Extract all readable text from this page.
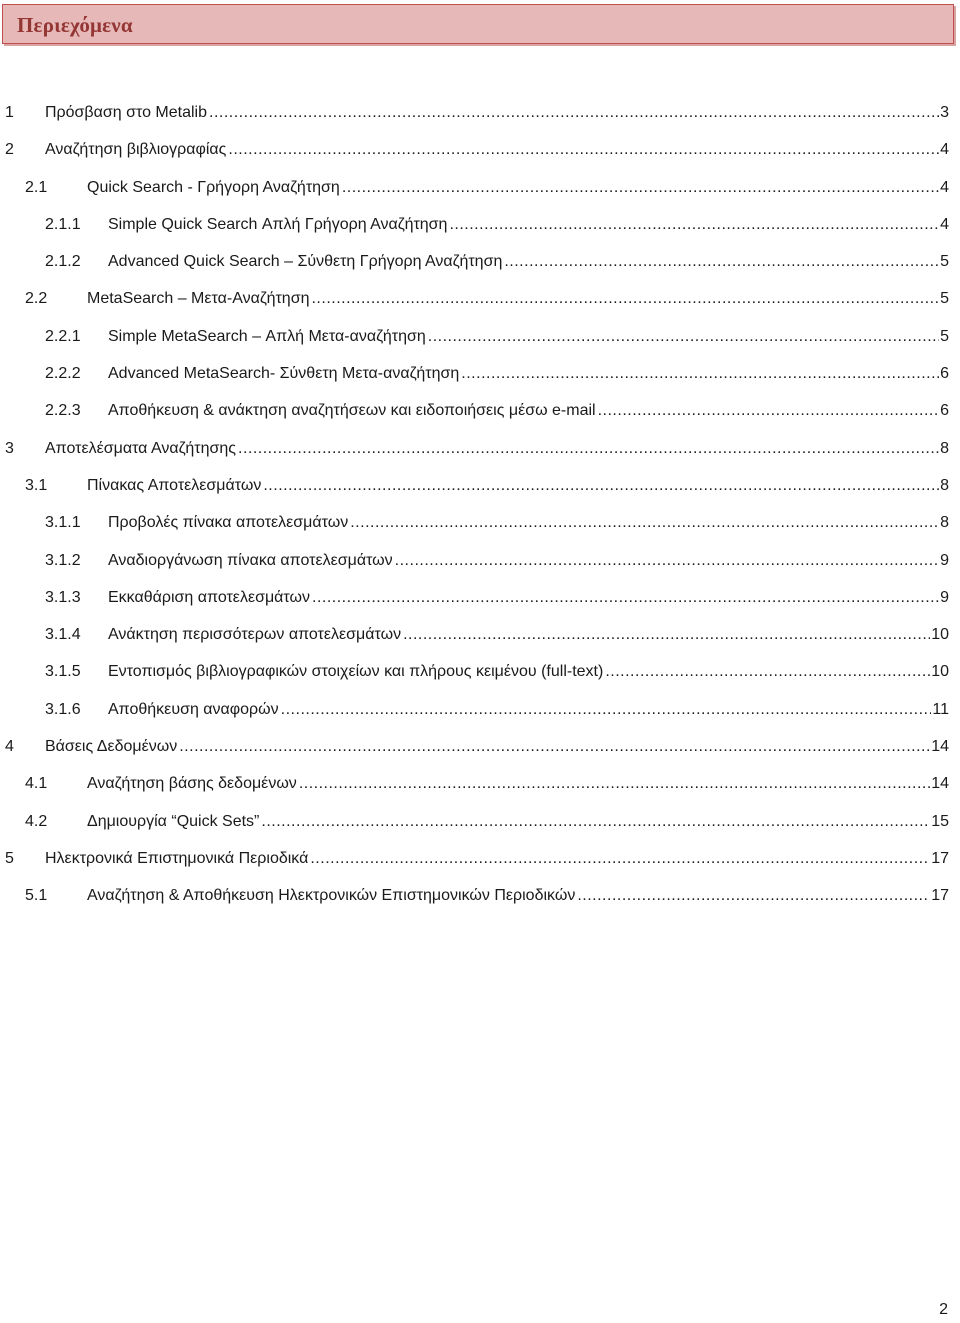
Περιεχόμενα
1 Πρόσβαση στο Metalib .....	3
2 Αναζήτηση βιβλιογραφίας .....	4
2.1 Quick Search - Γρήγορη Αναζήτηση .....	4
2.1.1 Simple Quick Search Απλή Γρήγορη Αναζήτηση .....	4
2.1.2 Advanced Quick Search – Σύνθετη Γρήγορη Αναζήτηση .....	5
2.2 MetaSearch – Μετα-Αναζήτηση .....	5
2.2.1 Simple MetaSearch – Απλή Μετα-αναζήτηση .....	5
2.2.2 Advanced MetaSearch- Σύνθετη Μετα-αναζήτηση .....	6
2.2.3 Αποθήκευση & ανάκτηση αναζητήσεων και ειδοποιήσεις μέσω e-mail .....	6
3 Αποτελέσματα Αναζήτησης .....	8
3.1 Πίνακας Αποτελεσμάτων .....	8
3.1.1 Προβολές πίνακα αποτελεσμάτων .....	8
3.1.2 Αναδιοργάνωση πίνακα αποτελεσμάτων .....	9
3.1.3 Εκκαθάριση αποτελεσμάτων .....	9
3.1.4 Ανάκτηση περισσότερων αποτελεσμάτων .....	10
3.1.5 Εντοπισμός βιβλιογραφικών στοιχείων και πλήρους κειμένου (full-text) .....	10
3.1.6 Αποθήκευση αναφορών .....	11
4 Βάσεις Δεδομένων .....	14
4.1 Αναζήτηση βάσης δεδομένων .....	14
4.2 Δημιουργία “Quick Sets” .....	15
5 Ηλεκτρονικά Επιστημονικά Περιοδικά .....	17
5.1 Αναζήτηση & Αποθήκευση Ηλεκτρονικών Επιστημονικών Περιοδικών .....	17
2
